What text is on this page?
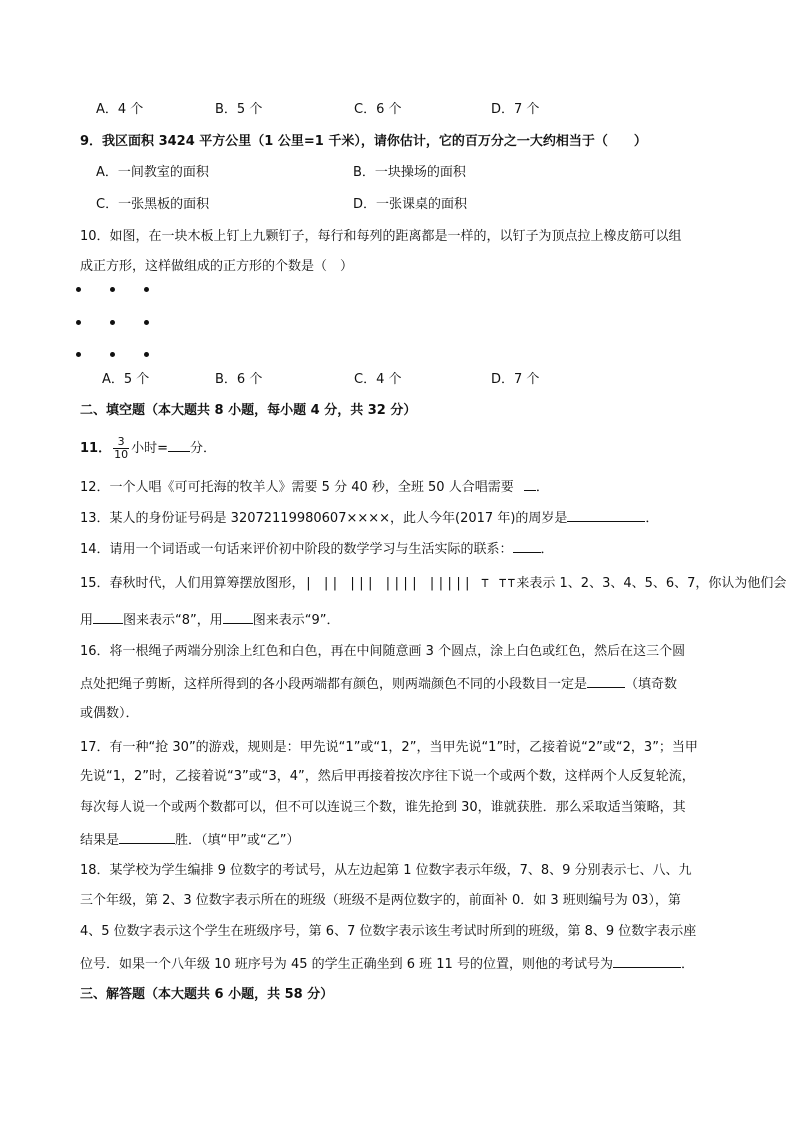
A．4 个	B．5 个	C．6 个	D．7 个
9．我区面积 3424 平方公里（1 公里=1 千米），请你估计，它的百万分之一大约相当于（　　）
A．一间教室的面积	B．一块操场的面积
C．一张黑板的面积	D．一张课桌的面积
10．如图，在一块木板上钉上九颗钉子，每行和每列的距离都是一样的，以钉子为顶点拉上橡皮筋可以组
成正方形，这样做组成的正方形的个数是（　）
A．5 个	B．6 个	C．4 个	D．7 个
二、填空题（本大题共 8 小题，每小题 4 分，共 32 分）
11． $\frac{3}{10}$ 小时= 分．
12．一个人唱《可可托海的牧羊人》需要 5 分 40 秒，全班 50 人合唱需要 ．
13．某人的身份证号码是 32072119980607××××，此人今年(2017 年)的周岁是	．
14．请用一个词语或一句话来评价初中阶段的数学学习与生活实际的联系： ．
15．春秋时代，人们用算筹摆放图形，| || ||| |||| ||||| ⊤ ⊤⊤来表示 1、2、3、4、5、6、7，你认为他们会
用 图来表示“8”，用 图来表示“9”．
16．将一根绳子两端分别涂上红色和白色，再在中间随意画 3 个圆点，涂上白色或红色，然后在这三个圆
点处把绳子剪断，这样所得到的各小段两端都有颜色，则两端颜色不同的小段数目一定是	（填奇数
或偶数）．
17．有一种“抢 30”的游戏，规则是：甲先说“1”或“1，2”，当甲先说“1”时，乙接着说“2”或“2，3”；当甲
先说“1，2”时，乙接着说“3”或“3，4”，然后甲再接着按次序往下说一个或两个数，这样两个人反复轮流，
每次每人说一个或两个数都可以，但不可以连说三个数，谁先抢到 30，谁就获胜．那么采取适当策略，其
结果是	胜．（填“甲”或“乙”）
18．某学校为学生编排 9 位数字的考试号，从左边起第 1 位数字表示年级，7、8、9 分别表示七、八、九
三个年级，第 2、3 位数字表示所在的班级（班级不是两位数字的，前面补 0．如 3 班则编号为 03），第
4、5 位数字表示这个学生在班级序号，第 6、7 位数字表示该生考试时所到的班级，第 8、9 位数字表示座
位号．如果一个八年级 10 班序号为 45 的学生正确坐到 6 班 11 号的位置，则他的考试号为	．
三、解答题（本大题共 6 小题，共 58 分）
